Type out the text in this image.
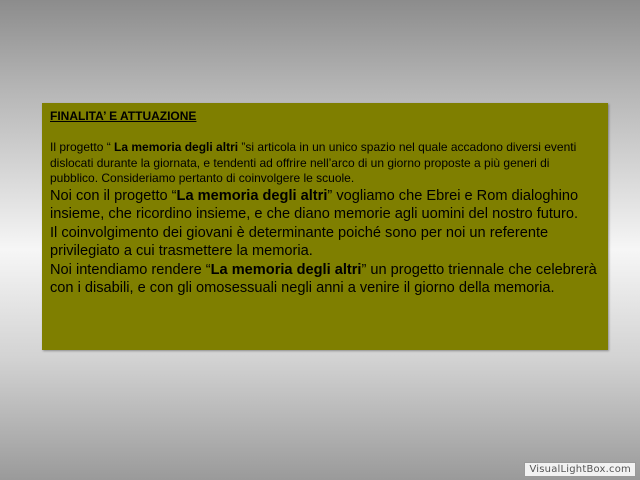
FINALITA’ E ATTUAZIONE

Il progetto “ La memoria degli altri ”si articola in un unico spazio nel quale accadono diversi eventi dislocati durante la giornata, e tendenti ad offrire nell’arco di un giorno proposte a più generi di pubblico. Consideriamo pertanto di coinvolgere le scuole.

Noi con il progetto “La memoria degli altri” vogliamo che Ebrei e Rom dialoghino insieme, che ricordino insieme, e che diano memorie agli uomini del nostro futuro.

Il coinvolgimento dei giovani è determinante poiché sono per noi un referente privilegiato a cui trasmettere la memoria.

Noi intendiamo rendere “La memoria degli altri” un progetto triennale che celebrerà con i disabili, e con gli omosessuali negli anni a venire il giorno della memoria.

VisualLightBox.com
